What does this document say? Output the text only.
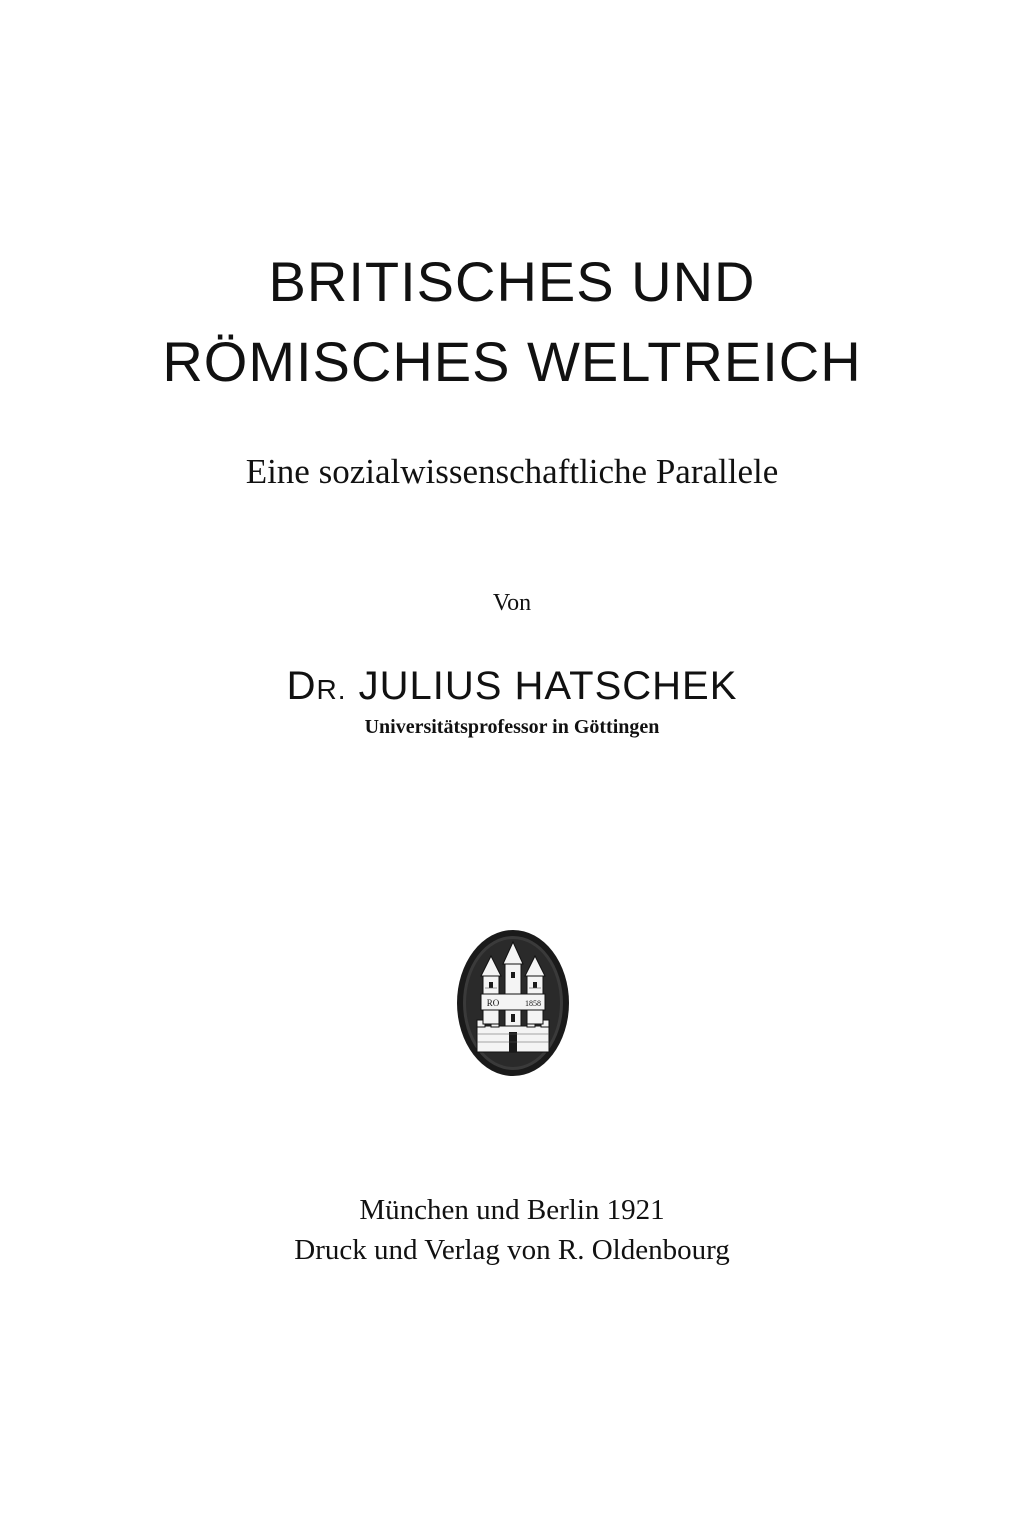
BRITISCHES UND
RÖMISCHES WELTREICH
Eine sozialwissenschaftliche Parallele
Von
DR. JULIUS HATSCHEK
Universitätsprofessor in Göttingen
RO	1858
München und Berlin 1921
Druck und Verlag von R. Oldenbourg
